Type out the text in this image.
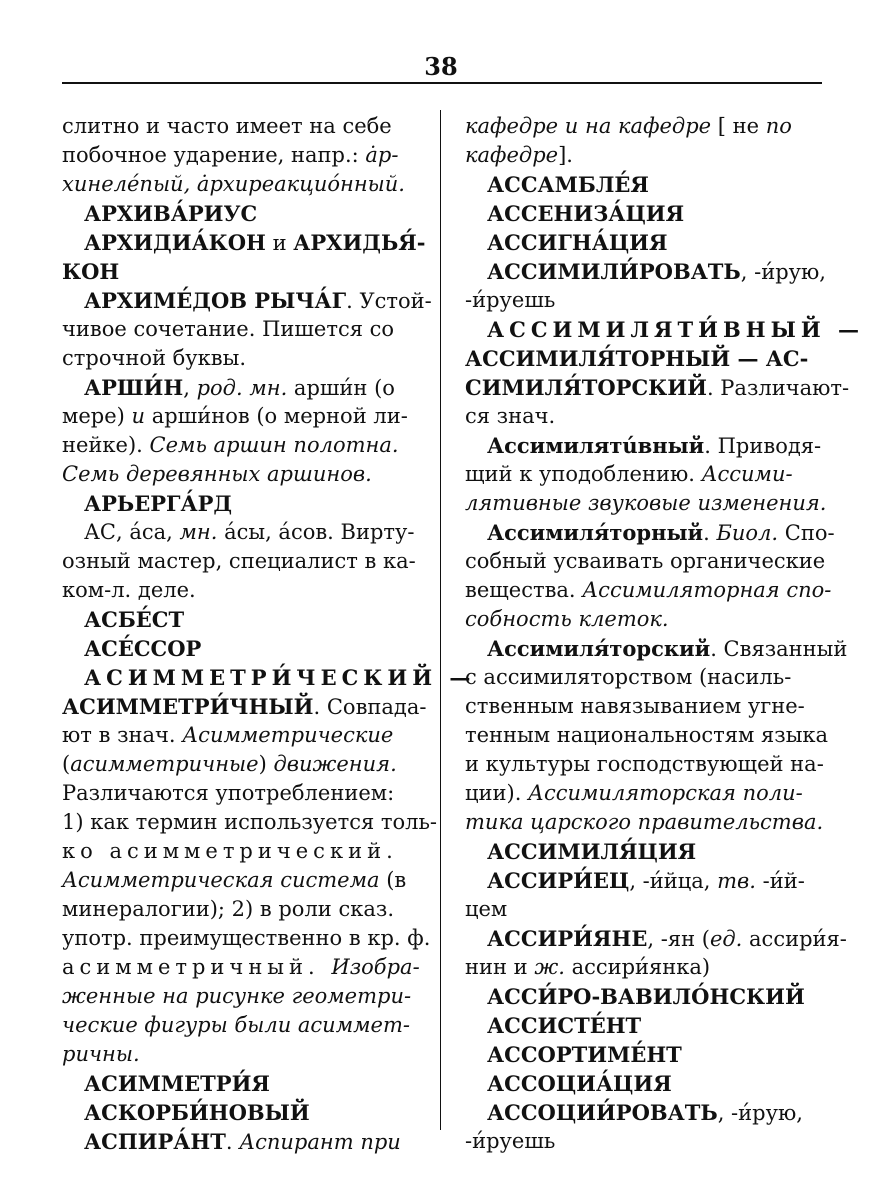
38
слитно и часто имеет на себе
побочное ударение, напр.: ȧр-
хинеле́пый, ȧрхиреакцио́нный.
АРХИВА́РИУС
АРХИДИА́КОН и АРХИДЬЯ́-
КОН
АРХИМЕ́ДОВ РЫЧА́Г. Устой-
чивое сочетание. Пишется со
строчной буквы.
АРШИ́Н, род. мн. арши́н (о
мере) и арши́нов (о мерной ли-
нейке). Семь аршин полотна.
Семь деревянных аршинов.
АРЬЕРГА́РД
АС, а́са, мн. а́сы, а́сов. Вирту-
озный мастер, специалист в ка-
ком-л. деле.
АСБЕ́СТ
АСЕ́ССОР
АСИММЕТРИ́ЧЕСКИЙ —
АСИММЕТРИ́ЧНЫЙ. Совпада-
ют в знач. Асимметрические
(асимметричные) движения.
Различаются употреблением:
1) как термин используется толь-
ко асимметрический.
Асимметрическая система (в
минералогии); 2) в роли сказ.
употр. преимущественно в кр. ф.
асимметричный. Изобра-
женные на рисунке геометри-
ческие фигуры были асиммет-
ричны.
АСИММЕТРИ́Я
АСКОРБИ́НОВЫЙ
АСПИРА́НТ. Аспирант при
кафедре и на кафедре [ не по
кафедре].
АССАМБЛЕ́Я
АССЕНИЗА́ЦИЯ
АССИГНА́ЦИЯ
АССИМИЛИ́РОВАТЬ, -и́рую,
-и́руешь
АССИМИЛЯТИ́ВНЫЙ —
АССИМИЛЯ́ТОРНЫЙ — АС-
СИМИЛЯ́ТОРСКИЙ. Различают-
ся знач.
Ассимилятúвный. Приводя-
щий к уподоблению. Ассими-
лятивные звуковые изменения.
Ассимиля́торный. Биол. Спо-
собный усваивать органические
вещества. Ассимиляторная спо-
собность клеток.
Ассимиля́торский. Связанный
с ассимиляторством (насиль-
ственным навязыванием угне-
тенным национальностям языка
и культуры господствующей на-
ции). Ассимиляторская поли-
тика царского правительства.
АССИМИЛЯ́ЦИЯ
АССИРИ́ЕЦ, -и́йца, тв. -и́й-
цем
АССИРИ́ЯНЕ, -ян (ед. ассири́я-
нин и ж. ассири́янка)
АССИ́РО-ВАВИЛО́НСКИЙ
АССИСТЕ́НТ
АССОРТИМЕ́НТ
АССОЦИА́ЦИЯ
АССОЦИИ́РОВАТЬ, -и́рую,
-и́руешь
